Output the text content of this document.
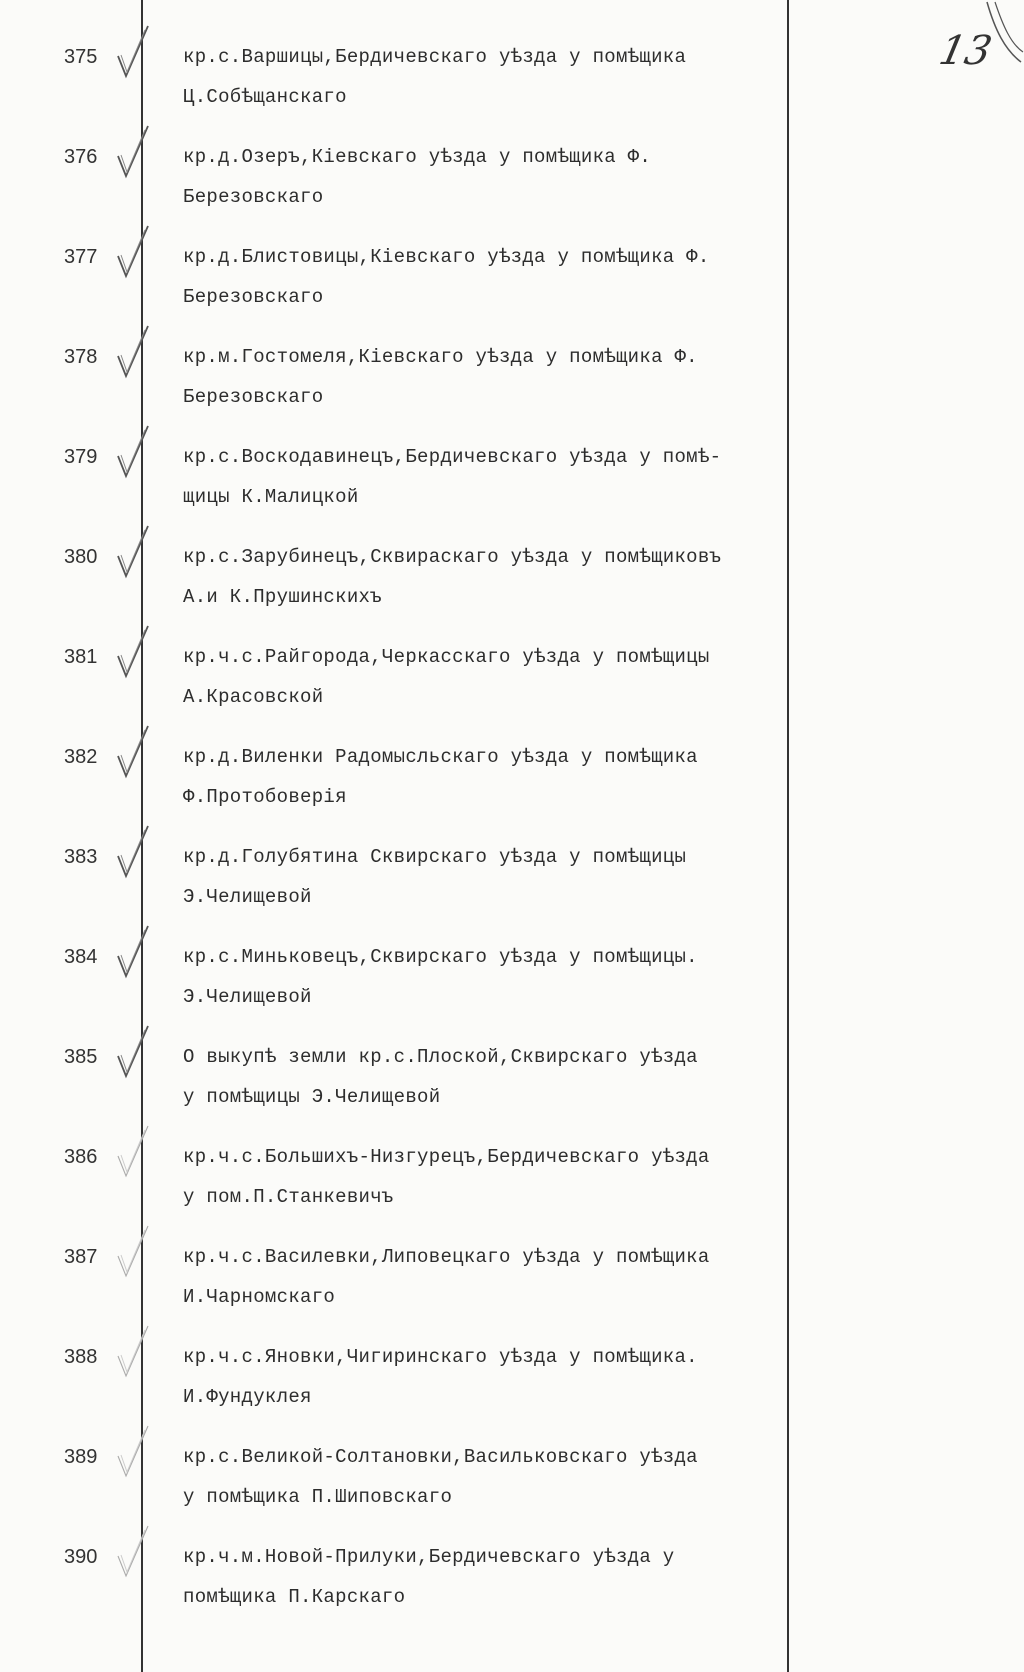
13
375	кр.с.Варшицы,Бердичевскаго уѣзда у помѣщика
Ц.Собѣщанскаго
376	кр.д.Озеръ,Кіевскаго уѣзда у помѣщика Ф.
Березовскаго
377	кр.д.Блистовицы,Кіевскаго уѣзда у помѣщика Ф.
Березовскаго
378	кр.м.Гостомеля,Кіевскаго уѣзда у помѣщика Ф.
Березовскаго
379	кр.с.Воскодавинецъ,Бердичевскаго уѣзда у помѣ-
щицы К.Малицкой
380	кр.с.Зарубинецъ,Сквираскаго уѣзда у помѣщиковъ
А.и К.Прушинскихъ
381	кр.ч.с.Райгорода,Черкасскаго уѣзда у помѣщицы
А.Красовской
382	кр.д.Виленки Радомысльскаго уѣзда у помѣщика
Ф.Протобоверія
383	кр.д.Голубятина Сквирскаго уѣзда у помѣщицы
Э.Челищевой
384	кр.с.Миньковецъ,Сквирскаго уѣзда у помѣщицы.
Э.Челищевой
385	О выкупѣ земли кр.с.Плоской,Сквирскаго уѣзда
у помѣщицы Э.Челищевой
386	кр.ч.с.Большихъ-Низгурецъ,Бердичевскаго уѣзда
у пом.П.Станкевичъ
387	кр.ч.с.Василевки,Липовецкаго уѣзда у помѣщика
И.Чарномскаго
388	кр.ч.с.Яновки,Чигиринскаго уѣзда у помѣщика.
И.Фундуклея
389	кр.с.Великой-Солтановки,Васильковскаго уѣзда
у помѣщика П.Шиповскаго
390	кр.ч.м.Новой-Прилуки,Бердичевскаго уѣзда у
помѣщика П.Карскаго
